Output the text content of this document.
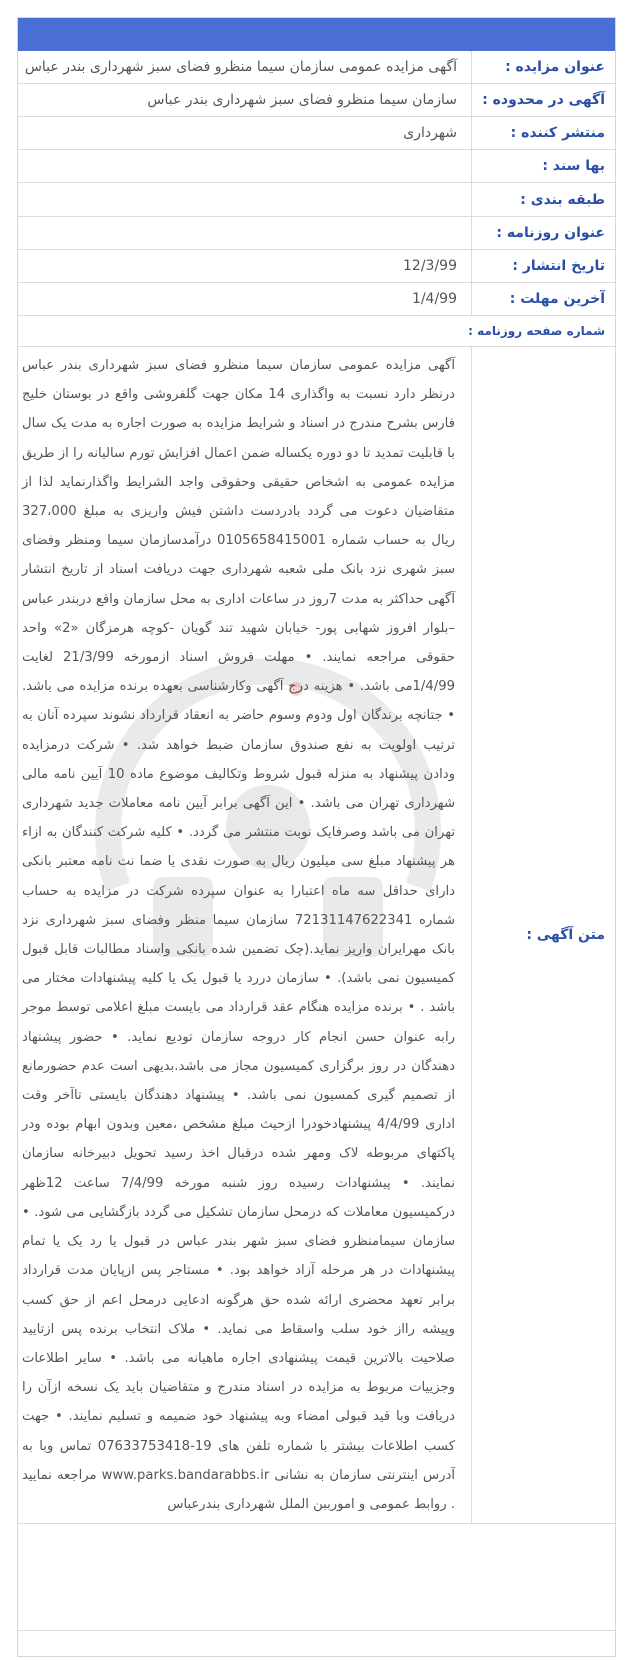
عنوان مزایده :	آگهی مزایده عمومی سازمان سیما منظرو فضای سبز شهرداری بندر عباس
آگهی در محدوده :	سازمان سیما منظرو فضای سبز شهرداری بندر عباس
منتشر کننده :	شهرداری
بها سند :	
طبقه بندی :	
عنوان روزنامه :	
تاریخ انتشار :	12/3/99
آخرین مهلت :	1/4/99
شماره صفحه روزنامه :	
متن آگهی :	آگهی مزایده عمومی سازمان سیما منظرو فضای سبز شهرداری بندر عباس درنظر دارد نسبت به واگذاری 14 مکان جهت گلفروشی واقع در بوستان خلیج فارس بشرح مندرج در اسناد و شرایط مزایده به صورت اجاره به مدت یک سال با قابلیت تمدید تا دو دوره یکساله ضمن اعمال افزایش تورم سالیانه را از طریق مزایده عمومی به اشخاص حقیقی وحقوقی واجد الشرایط واگذارنماید لذا از متقاضیان دعوت می گردد بادردست داشتن فیش واریزی به مبلغ 327،000 ریال به حساب شماره 0105658415001 درآمدسازمان سیما ومنظر وفضای سبز شهری نزد بانک ملی شعبه شهرداری جهت دریافت اسناد از تاریخ انتشار آگهی حداکثر به مدت 7روز در ساعات اداری به محل سازمان واقع دربندر عباس –بلوار افروز شهابی پور- خیابان شهید تند گویان -کوچه هرمزگان «2» واحد حقوقی مراجعه نمایند. • مهلت فروش اسناد ازمورخه 21/3/99 لغایت 1/4/99می باشد. • هزینه درج آگهی وکارشناسی بعهده برنده مزایده می باشد. • جتانچه برندگان اول ودوم وسوم حاضر به انعقاد قرارداد نشوند سپرده آنان به ترتیب اولویت به نفع صندوق سازمان ضبط خواهد شد. • شرکت درمزایده ودادن پیشنهاد به منزله قبول شروط وتکالیف موضوع ماده 10 آیین نامه مالی شهرداری تهران می باشد. • این آگهی برابر آیین نامه معاملات جدید شهرداری تهران می باشد وصرفایک نوبت منتشر می گردد. • کلیه شرکت کنندگان به ازاء هر پیشنهاد مبلغ سی میلیون ریال به صورت نقدی یا ضما نت نامه معتبر بانکی دارای حداقل سه ماه اعتبارا به عنوان سپرده شرکت در مزایده به حساب شماره 72131147622341 سازمان سیما منظر وفضای سبز شهرداری نزد بانک مهرایران واریز نماید.(چک تضمین شده بانکی واسناد مطالبات قابل قبول کمیسیون نمی باشد). • سازمان دررد یا قبول یک یا کلیه پیشنهادات مختار می باشد . • برنده مزایده هنگام عقد قرارداد می بایست مبلغ اعلامی توسط موجر رابه عنوان حسن انجام کار دروجه سازمان تودیع نماید. • حضور پیشنهاد دهندگان در روز برگزاری کمیسیون مجاز می باشد.بدیهی است عدم حضورمانع از تصمیم گیری کمسیون نمی باشد. • پیشنهاد دهندگان بایستی تاآخر وقت اداری 4/4/99 پیشنهادخودرا ازحیث مبلغ مشخص ،معین وبدون ابهام بوده ودر پاکتهای مربوطه لاک ومهر شده درقبال اخذ رسید تحویل دبیرخانه سازمان نمایند. • پیشنهادات رسیده روز شنبه مورخه 7/4/99 ساعت 12ظهر درکمیسیون معاملات که درمحل سازمان تشکیل می گردد بازگشایی می شود. • سازمان سیمامنظرو فضای سبز شهر بندر عباس در قبول یا رد یک یا تمام پیشنهادات در هر مرحله آزاد خواهد بود. • مستاجر پس ازپایان مدت قرارداد برابر تعهد محضری ارائه شده حق هرگونه ادعایی درمحل اعم از حق کسب وپیشه رااز خود سلب واسقاط می نماید. • ملاک انتخاب برنده پس ازتایید صلاحیت بالاترین قیمت پیشنهادی اجاره ماهیانه می باشد. • سایر اطلاعات وجزییات مربوط به مزایده در اسناد مندرج و متقاضیان باید یک نسخه ازآن را دریافت وبا قید قبولی امضاء وبه پیشنهاد خود ضمیمه و تسلیم نمایند. • جهت کسب اطلاعات بیشتر با شماره تلفن های 19-07633753418 تماس وبا به آدرس اینترنتی سازمان به نشانی www.parks.bandarabbs.ir مراجعه نمایید . روابط عمومی و امورببن الملل شهرداری بندرعباس
